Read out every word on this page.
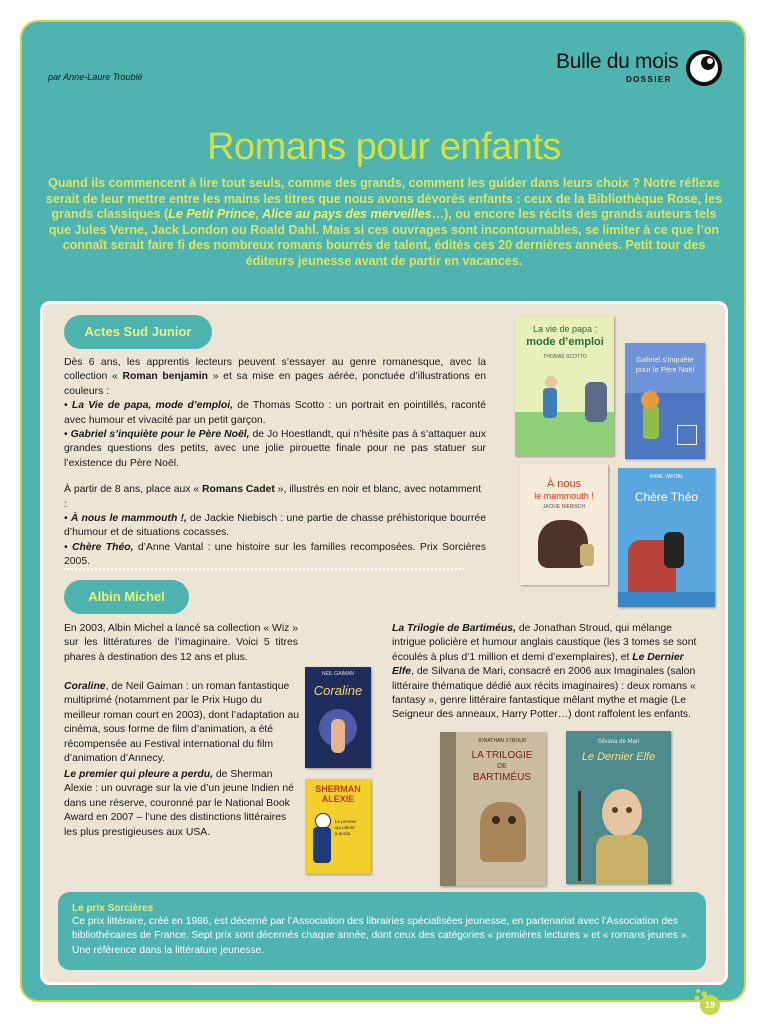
par Anne-Laure Troublé
Bulle du mois
DOSSIER
Romans pour enfants
Quand ils commencent à lire tout seuls, comme des grands, comment les guider dans leurs choix ? Notre réflexe serait de leur mettre entre les mains les titres que nous avons dévorés enfants : ceux de la Bibliothèque Rose, les grands classiques (Le Petit Prince, Alice au pays des merveilles…), ou encore les récits des grands auteurs tels que Jules Verne, Jack London ou Roald Dahl. Mais si ces ouvrages sont incontournables, se limiter à ce que l’on connaît serait faire fi des nombreux romans bourrés de talent, édités ces 20 dernières années. Petit tour des éditeurs jeunesse avant de partir en vacances.
Actes Sud Junior

Dès 6 ans, les apprentis lecteurs peuvent s’essayer au genre romanesque, avec la collection « Roman benjamin » et sa mise en pages aérée, ponctuée d’illustrations en couleurs :

• La Vie de papa, mode d’emploi, de Thomas Scotto : un portrait en pointillés, raconté avec humour et vivacité par un petit garçon.

• Gabriel s’inquiète pour le Père Noël, de Jo Hoestlandt, qui n’hésite pas à s’attaquer aux grandes questions des petits, avec une jolie pirouette finale pour ne pas statuer sur l’existence du Père Noël.

À partir de 8 ans, place aux « Romans Cadet », illustrés en noir et blanc, avec notamment :

• À nous le mammouth !, de Jackie Niebisch : une partie de chasse préhistorique bourrée d’humour et de situations cocasses.

• Chère Théo, d’Anne Vantal : une histoire sur les familles recomposées. Prix Sorcières 2005.

La vie de papa :
mode d’emploi
THOMAS SCOTTO	Gabriel s’inquiète
pour le Père Noël
À nous
le mammouth !
JACKIE NIEBISCH
Chère Théo
ANNE VANTAL
Albin Michel

En 2003, Albin Michel a lancé sa collection « Wiz » sur les littératures de l’imaginaire. Voici 5 titres phares à destination des 12 ans et plus.

Coraline, de Neil Gaiman : un roman fantastique multiprimé (notamment par le Prix Hugo du meilleur roman court en 2003), dont l’adaptation au cinéma, sous forme de film d’animation, a été récompensée au Festival international du film d’animation d’Annecy.

Le premier qui pleure a perdu, de Sherman Alexie : un ouvrage sur la vie d’un jeune Indien né dans une réserve, couronné par le National Book Award en 2007 – l’une des distinctions littéraires les plus prestigieuses aux USA.

La Trilogie de Bartiméus, de Jonathan Stroud, qui mélange intrigue policière et humour anglais caustique (les 3 tomes se sont écoulés à plus d’1 million et demi d’exemplaires), et Le Dernier Elfe, de Silvana de Mari, consacré en 2006 aux Imaginales (salon littéraire thématique dédié aux récits imaginaires) : deux romans « fantasy », genre littéraire fantastique mêlant mythe et magie (Le Seigneur des anneaux, Harry Potter…) dont raffolent les enfants.

NEIL GAIMAN
Coraline
SHERMAN ALEXIE
Le premier
qui pleure
a perdu
JONATHAN STROUD
LA TRILOGIE
DE
BARTIMÉUS
Silvana de Mari
Le Dernier Elfe
Le prix Sorcières
Ce prix littéraire, créé en 1986, est décerné par l’Association des librairies spécialisées jeunesse, en partenariat avec l’Association des bibliothécaires de France. Sept prix sont décernés chaque année, dont ceux des catégories « premières lectures » et « romans jeunes ». Une référence dans la littérature jeunesse.
19
